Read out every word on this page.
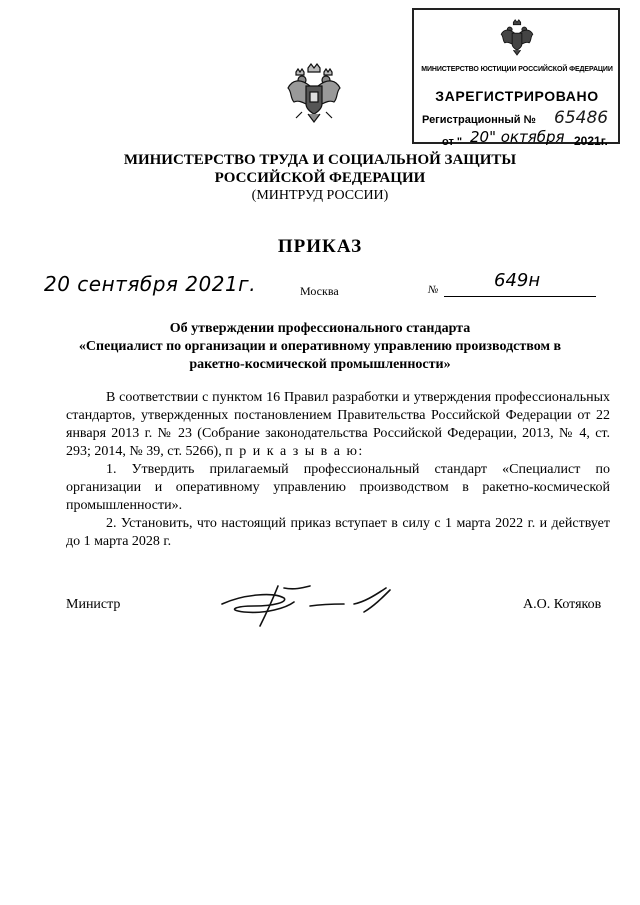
МИНИСТЕРСТВО ЮСТИЦИИ РОССИЙСКОЙ ФЕДЕРАЦИИ
ЗАРЕГИСТРИРОВАНО
Регистрационный № 65486
от " 20" октября 2021г.
МИНИСТЕРСТВО ТРУДА И СОЦИАЛЬНОЙ ЗАЩИТЫ
РОССИЙСКОЙ ФЕДЕРАЦИИ
(МИНТРУД РОССИИ)
ПРИКАЗ
20 сентября 2021г.	Москва	№	649н
Об утверждении профессионального стандарта
«Специалист по организации и оперативному управлению производством в
ракетно-космической промышленности»

В соответствии с пунктом 16 Правил разработки и утверждения профессиональных стандартов, утвержденных постановлением Правительства Российской Федерации от 22 января 2013 г. № 23 (Собрание законодательства Российской Федерации, 2013, № 4, ст. 293; 2014, № 39, ст. 5266), п р и к а з ы в а ю:

1. Утвердить прилагаемый профессиональный стандарт «Специалист по организации и оперативному управлению производством в ракетно-космической промышленности».

2. Установить, что настоящий приказ вступает в силу с 1 марта 2022 г. и действует до 1 марта 2028 г.

Министр	А.О. Котяков
